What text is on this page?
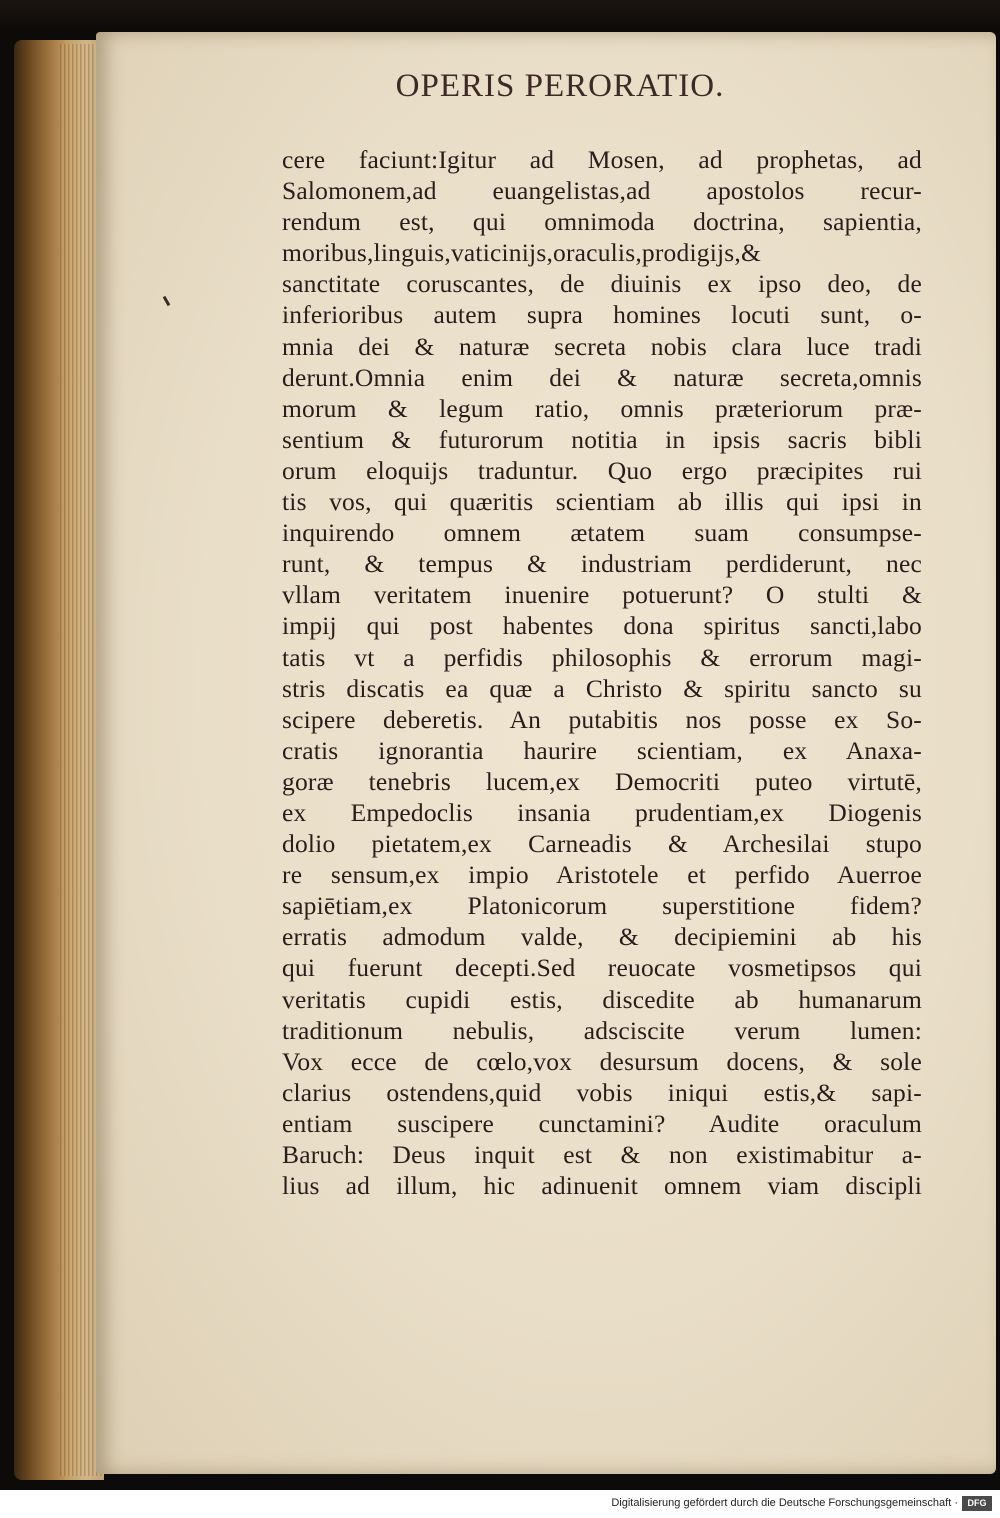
OPERIS PERORATIO.
cere faciunt:Igitur ad Mosen, ad prophetas, ad
Salomonem,ad euangelistas,ad apostolos recur-
rendum est, qui omnimoda doctrina, sapientia,
moribus,linguis,vaticinijs,oraculis,prodigijs,&
sanctitate coruscantes, de diuinis ex ipso deo, de
inferioribus autem supra homines locuti sunt, o-
mnia dei & naturæ secreta nobis clara luce tradi
derunt.Omnia enim dei & naturæ secreta,omnis
morum & legum ratio, omnis præteriorum præ-
sentium & futurorum notitia in ipsis sacris bibli
orum eloquijs traduntur. Quo ergo præcipites rui
tis vos, qui quæritis scientiam ab illis qui ipsi in
inquirendo omnem ætatem suam consumpse-
runt, & tempus & industriam perdiderunt, nec
vllam veritatem inuenire potuerunt? O stulti &
impij qui post habentes dona spiritus sancti,labo
tatis vt a perfidis philosophis & errorum magi-
stris discatis ea quæ a Christo & spiritu sancto su
scipere deberetis. An putabitis nos posse ex So-
cratis ignorantia haurire scientiam, ex Anaxa-
goræ tenebris lucem,ex Democriti puteo virtutē,
ex Empedoclis insania prudentiam,ex Diogenis
dolio pietatem,ex Carneadis & Archesilai stupo
re sensum,ex impio Aristotele et perfido Auerroe
sapiētiam,ex Platonicorum superstitione fidem?
erratis admodum valde, & decipiemini ab his
qui fuerunt decepti.Sed reuocate vosmetipsos qui
veritatis cupidi estis, discedite ab humanarum
traditionum nebulis, adsciscite verum lumen:
Vox ecce de cœlo,vox desursum docens, & sole
clarius ostendens,quid vobis iniqui estis,& sapi-
entiam suscipere cunctamini? Audite oraculum
Baruch: Deus inquit est & non existimabitur a-
lius ad illum, hic adinuenit omnem viam discipli
Digitalisierung gefördert durch die Deutsche Forschungsgemeinschaft ·	DFG
